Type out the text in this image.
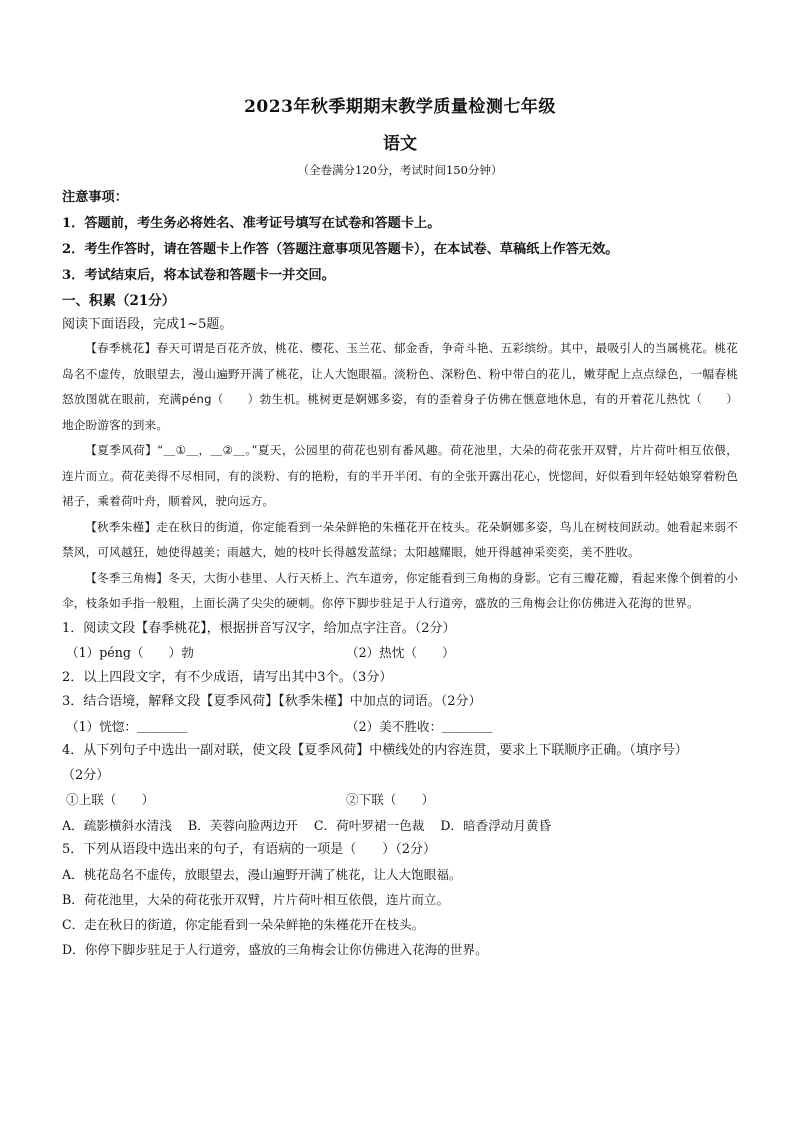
2023年秋季期期末教学质量检测七年级
语文
（全卷满分120分，考试时间150分钟）
注意事项：
1．答题前，考生务必将姓名、准考证号填写在试卷和答题卡上。
2．考生作答时，请在答题卡上作答（答题注意事项见答题卡），在本试卷、草稿纸上作答无效。
3．考试结束后，将本试卷和答题卡一并交回。
一、积累（21分）
阅读下面语段，完成1~5题。

【春季桃花】春天可谓是百花齐放，桃花、樱花、玉兰花、郁金香，争奇斗艳、五彩缤纷。其中，最吸引人的当属桃花。桃花岛名不虚传，放眼望去，漫山遍野开满了桃花，让人大饱眼福。淡粉色、深粉色、粉中带白的花儿，嫩芽配上点点绿色，一幅春桃怒放图就在眼前，充满péng（　　）勃生机。桃树更是婀娜多姿，有的歪着身子仿佛在惬意地休息，有的开着花儿热忱（　　）地企盼游客的到来。

【夏季风荷】“＿①＿，＿②＿。”夏天，公园里的荷花也别有番风趣。荷花池里，大朵的荷花张开双臂，片片荷叶相互依偎，连片而立。荷花美得不尽相同，有的淡粉、有的艳粉，有的半开半闭、有的全张开露出花心，恍惚间，好似看到年轻姑娘穿着粉色裙子，乘着荷叶舟，顺着风，驶向远方。

【秋季朱槿】走在秋日的街道，你定能看到一朵朵鲜艳的朱槿花开在枝头。花朵婀娜多姿，鸟儿在树枝间跃动。她看起来弱不禁风，可风越狂，她使得越美；雨越大，她的枝叶长得越发蓝绿；太阳越耀眼，她开得越神采奕奕，美不胜收。

【冬季三角梅】冬天，大街小巷里、人行天桥上、汽车道旁，你定能看到三角梅的身影。它有三瓣花瓣，看起来像个倒着的小伞，枝条如手指一般粗，上面长满了尖尖的硬刺。你停下脚步驻足于人行道旁，盛放的三角梅会让你仿佛进入花海的世界。

1．阅读文段【春季桃花】，根据拼音写汉字，给加点字注音。（2分）
（1）péng（　　）勃	（2）热忱（　　）
2．以上四段文字，有不少成语，请写出其中3个。（3分）
3．结合语境，解释文段【夏季风荷】【秋季朱槿】中加点的词语。（2分）
（1）恍惚：＿＿＿＿	（2）美不胜收：＿＿＿＿
4．从下列句子中选出一副对联，使文段【夏季风荷】中横线处的内容连贯，要求上下联顺序正确。（填序号）
（2分）
①上联（　　）	②下联（　　）
A．疏影横斜水清浅 B．芙蓉向脸两边开 C．荷叶罗裙一色裁 D．暗香浮动月黄昏
5．下列从语段中选出来的句子，有语病的一项是（　　）（2分）
A．桃花岛名不虚传，放眼望去，漫山遍野开满了桃花，让人大饱眼福。
B．荷花池里，大朵的荷花张开双臂，片片荷叶相互依偎，连片而立。
C．走在秋日的街道，你定能看到一朵朵鲜艳的朱槿花开在枝头。
D．你停下脚步驻足于人行道旁，盛放的三角梅会让你仿佛进入花海的世界。
